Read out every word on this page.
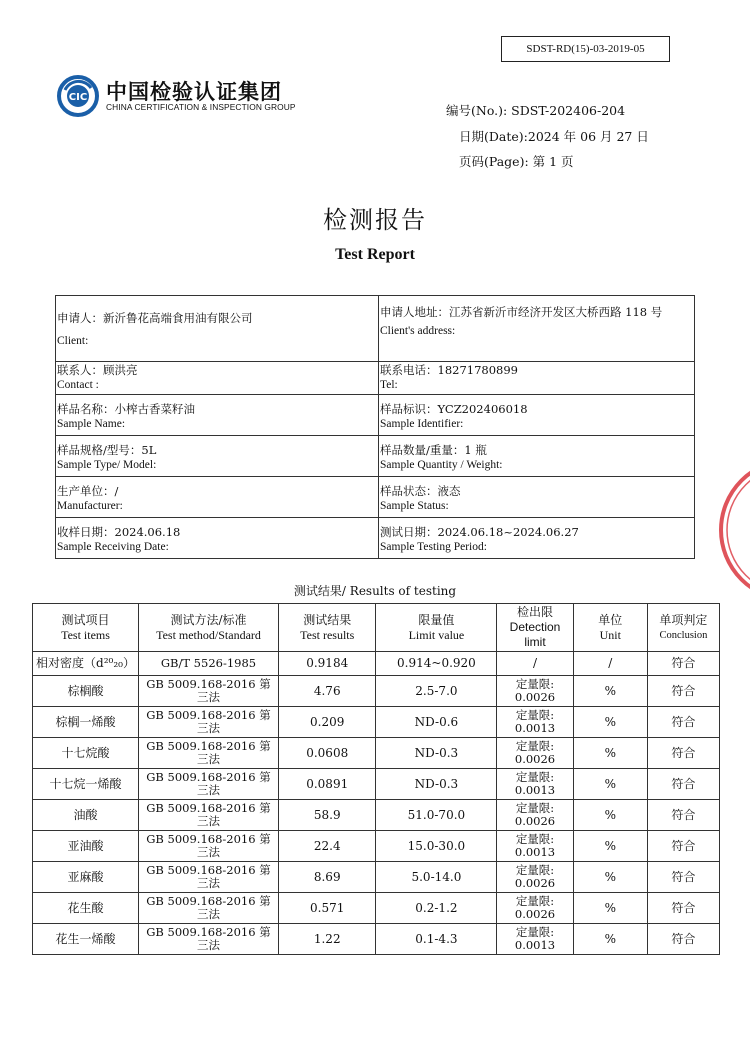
SDST-RD(15)-03-2019-05
CIC 中国检验认证集团
CHINA CERTIFICATION & INSPECTION GROUP	编号(No.): SDST-202406-204
日期(Date):2024 年 06 月 27 日
页码(Page): 第 1 页
检测报告
Test Report
申请人：新沂鲁花高端食用油有限公司
Client:	申请人地址：江苏省新沂市经济开发区大桥西路 118 号
Client's address:

联系人：顾洪亮
Contact :	联系电话：18271780899
Tel:

样品名称：小榨古香菜籽油
Sample Name:	样品标识：YCZ202406018
Sample Identifier:

样品规格/型号：5L
Sample Type/ Model:	样品数量/重量：1 瓶
Sample Quantity / Weight:

生产单位：/
Manufacturer:	样品状态：液态
Sample Status:

收样日期：2024.06.18
Sample Receiving Date:	测试日期：2024.06.18~2024.06.27
Sample Testing Period:
测试结果/ Results of testing
测试项目
Test items	测试方法/标准
Test method/Standard	测试结果
Test results	限量值
Limit value	检出限
Detection
limit	单位
Unit	单项判定
Conclusion

相对密度（d²⁰₂₀）	GB/T 5526-1985	0.9184	0.914~0.920	/	/	符合
棕榈酸	GB 5009.168-2016 第
三法	4.76	2.5-7.0	定量限:
0.0026	%	符合
棕榈一烯酸	GB 5009.168-2016 第
三法	0.209	ND-0.6	定量限:
0.0013	%	符合
十七烷酸	GB 5009.168-2016 第
三法	0.0608	ND-0.3	定量限:
0.0026	%	符合
十七烷一烯酸	GB 5009.168-2016 第
三法	0.0891	ND-0.3	定量限:
0.0013	%	符合
油酸	GB 5009.168-2016 第
三法	58.9	51.0-70.0	定量限:
0.0026	%	符合
亚油酸	GB 5009.168-2016 第
三法	22.4	15.0-30.0	定量限:
0.0013	%	符合
亚麻酸	GB 5009.168-2016 第
三法	8.69	5.0-14.0	定量限:
0.0026	%	符合
花生酸	GB 5009.168-2016 第
三法	0.571	0.2-1.2	定量限:
0.0026	%	符合
花生一烯酸	GB 5009.168-2016 第
三法	1.22	0.1-4.3	定量限:
0.0013	%	符合
